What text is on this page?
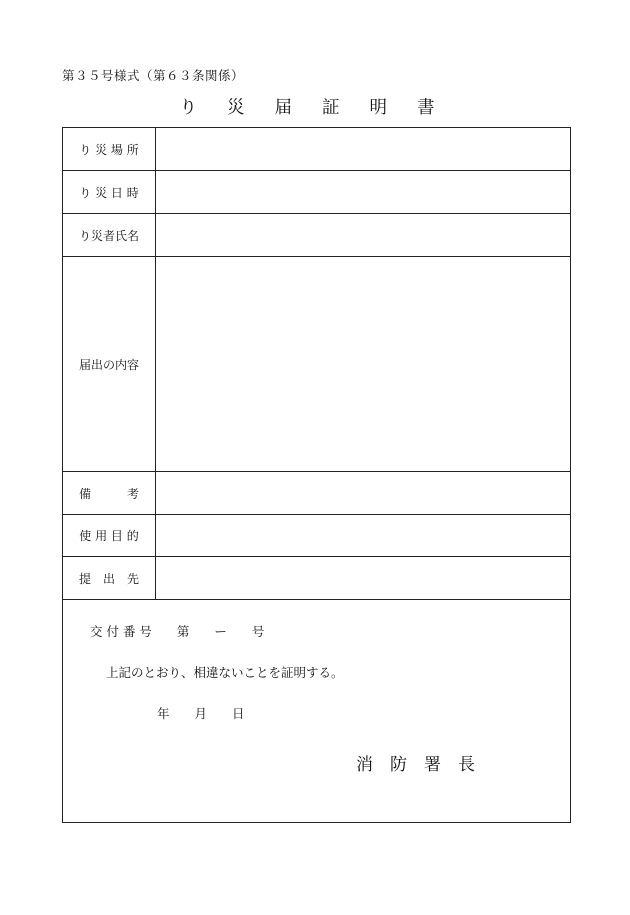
第３５号様式（第６３条関係）
り災届証明書
り 災 場 所
り 災 日 時
り災者氏名
届出の内容
備　　　考
使 用 目 的
提　出　先
交 付 番 号　　第　　ー　　号
上記のとおり、相違ないことを証明する。
年　　月　　日
消　防　署　長
